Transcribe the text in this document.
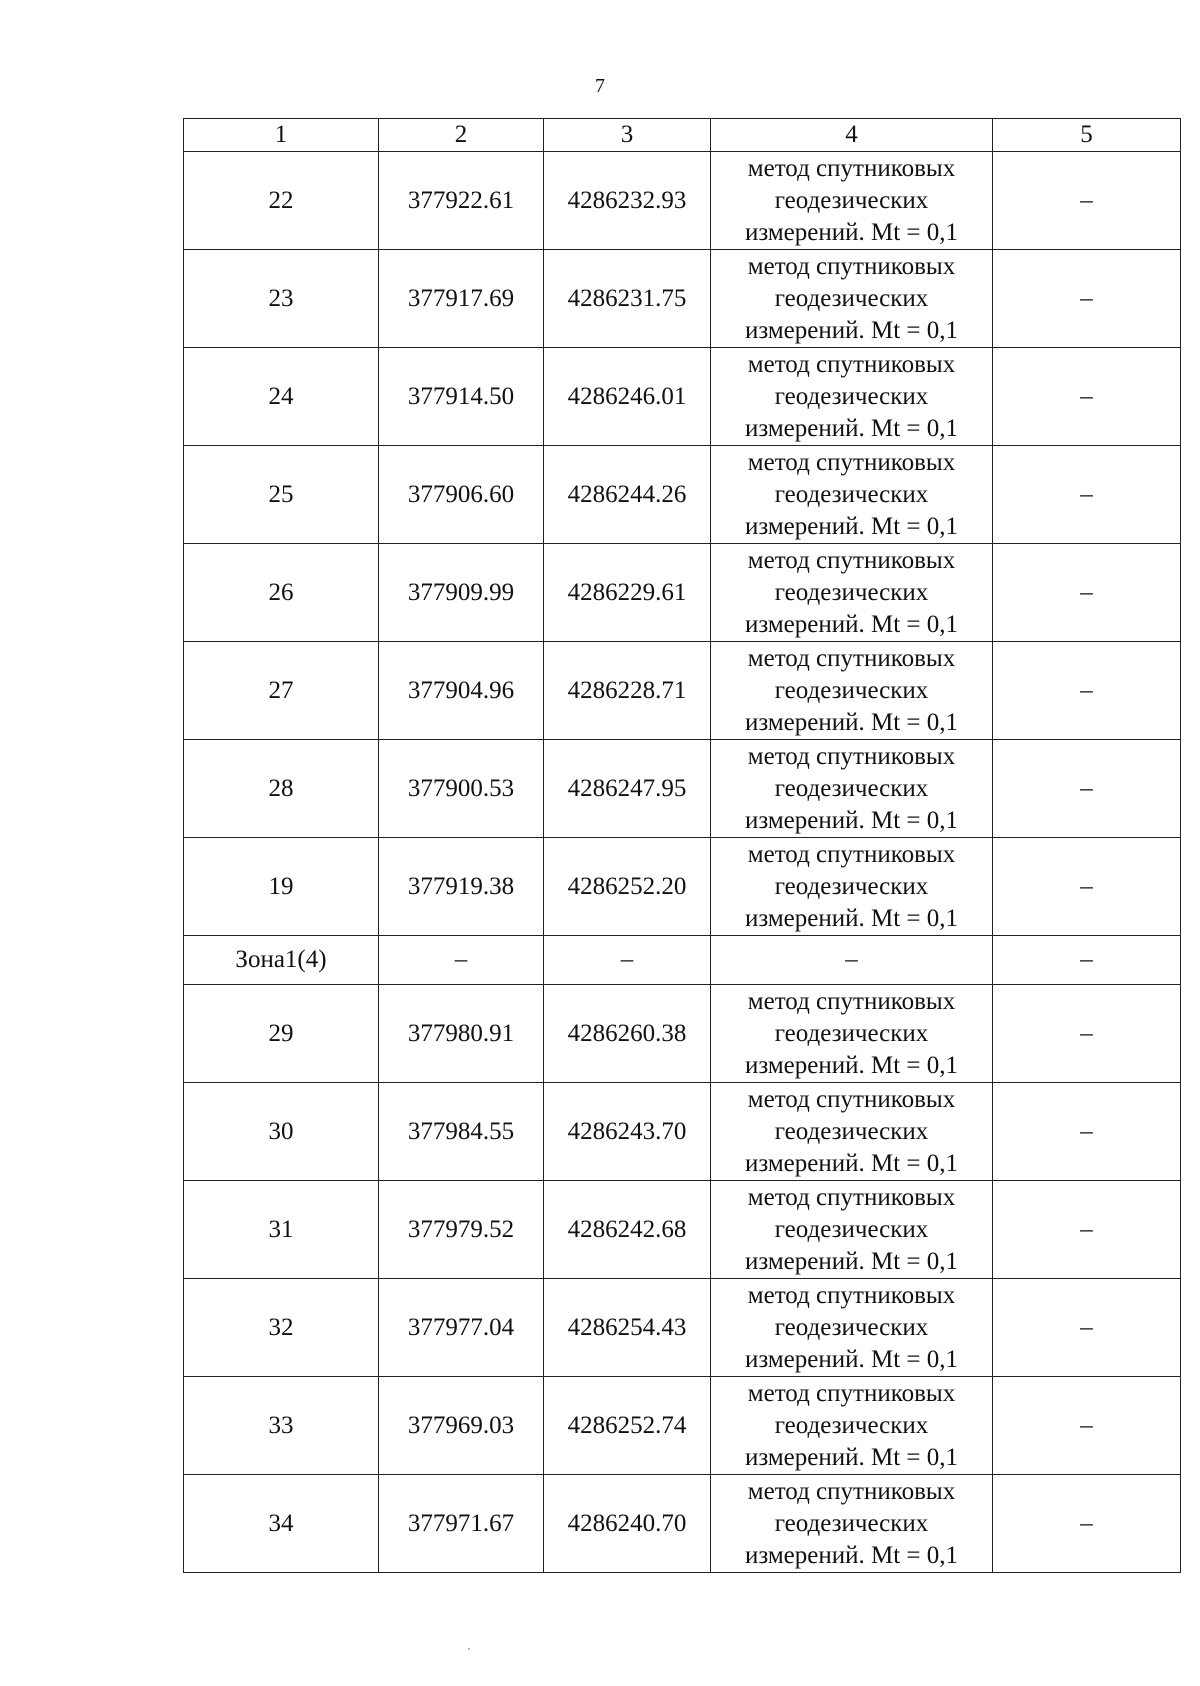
7
1	2	3	4	5
22	377922.61	4286232.93	метод спутниковых
геодезических
измерений. Mt = 0,1	–
23	377917.69	4286231.75	метод спутниковых
геодезических
измерений. Mt = 0,1	–
24	377914.50	4286246.01	метод спутниковых
геодезических
измерений. Mt = 0,1	–
25	377906.60	4286244.26	метод спутниковых
геодезических
измерений. Mt = 0,1	–
26	377909.99	4286229.61	метод спутниковых
геодезических
измерений. Mt = 0,1	–
27	377904.96	4286228.71	метод спутниковых
геодезических
измерений. Mt = 0,1	–
28	377900.53	4286247.95	метод спутниковых
геодезических
измерений. Mt = 0,1	–
19	377919.38	4286252.20	метод спутниковых
геодезических
измерений. Mt = 0,1	–
Зона1(4)	–	–	–	–
29	377980.91	4286260.38	метод спутниковых
геодезических
измерений. Mt = 0,1	–
30	377984.55	4286243.70	метод спутниковых
геодезических
измерений. Mt = 0,1	–
31	377979.52	4286242.68	метод спутниковых
геодезических
измерений. Mt = 0,1	–
32	377977.04	4286254.43	метод спутниковых
геодезических
измерений. Mt = 0,1	–
33	377969.03	4286252.74	метод спутниковых
геодезических
измерений. Mt = 0,1	–
34	377971.67	4286240.70	метод спутниковых
геодезических
измерений. Mt = 0,1	–
